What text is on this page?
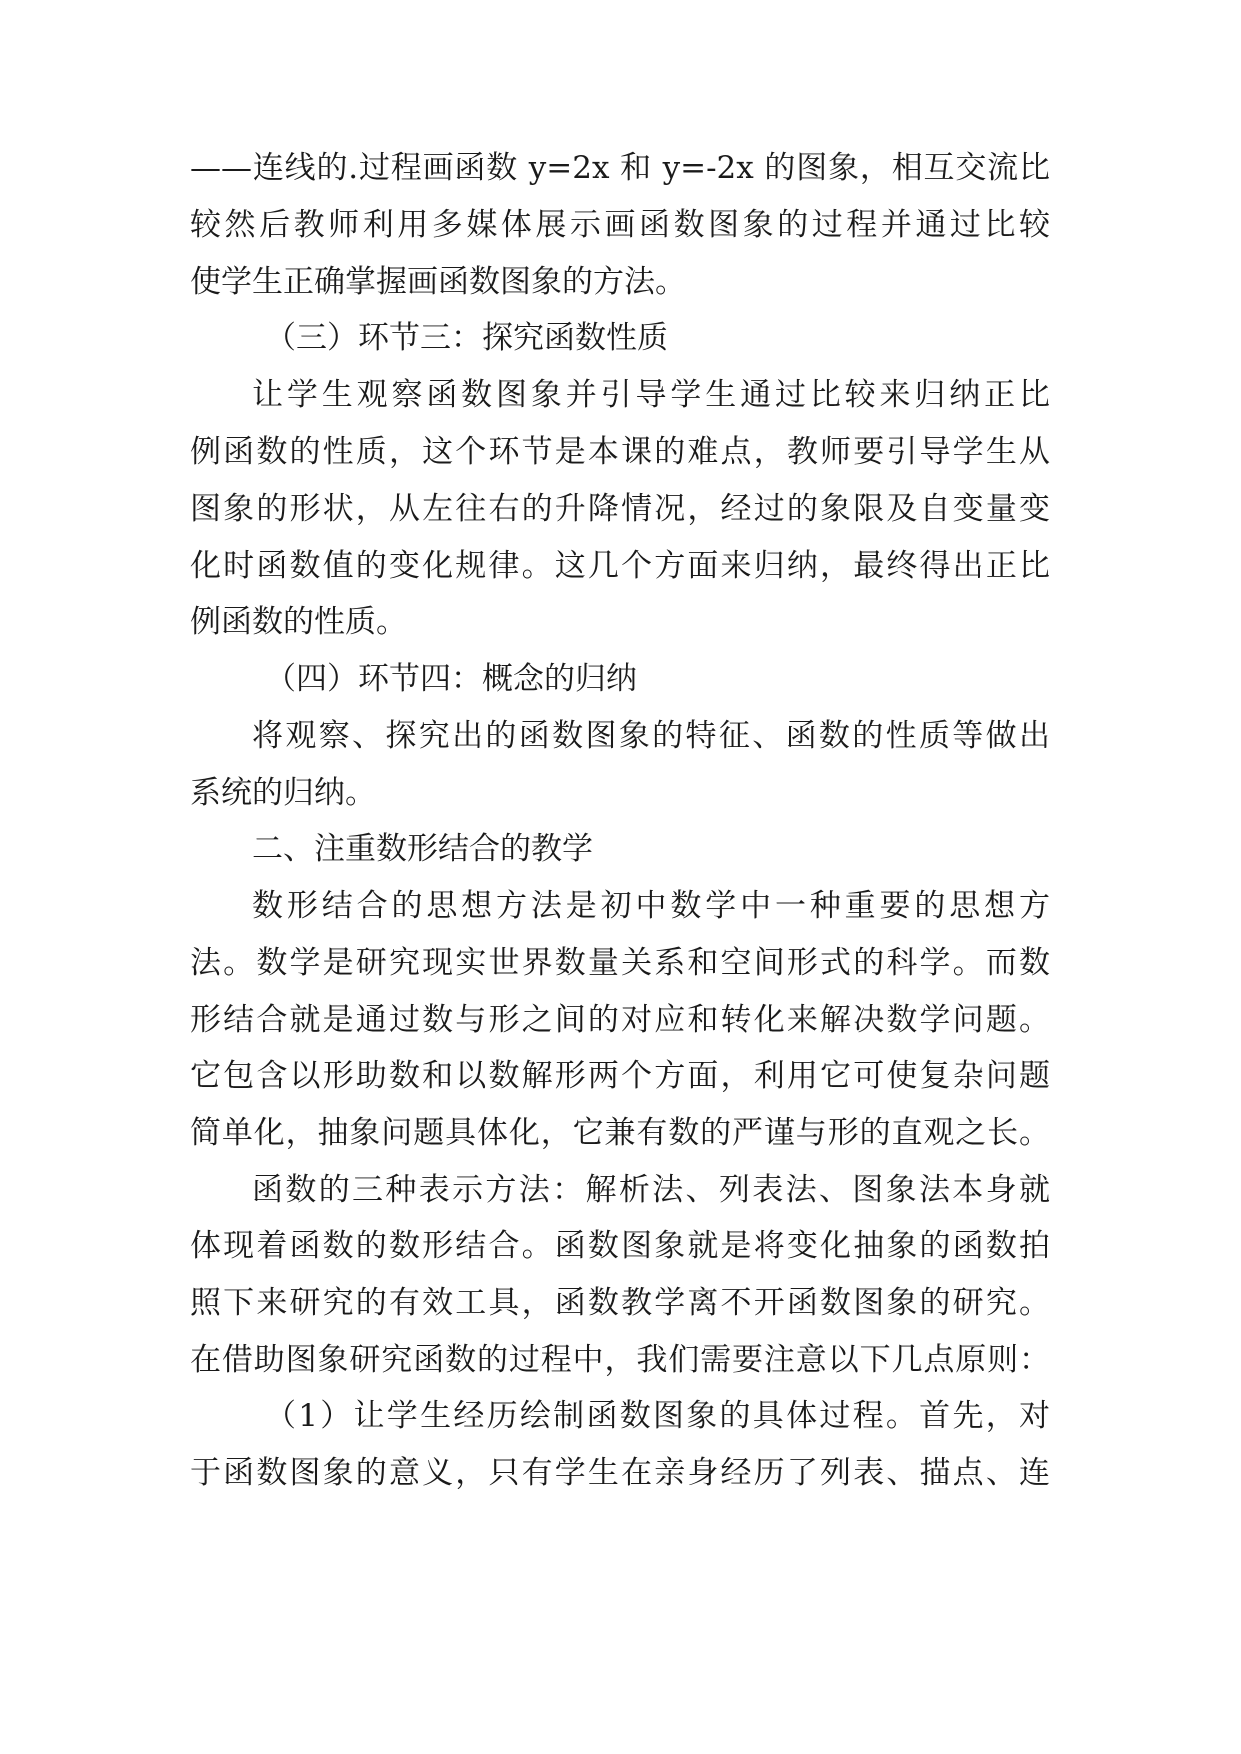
——连线的.过程画函数 y=2x 和 y=-2x 的图象，相互交流比
较然后教师利用多媒体展示画函数图象的过程并通过比较
使学生正确掌握画函数图象的方法。
（三）环节三：探究函数性质
让学生观察函数图象并引导学生通过比较来归纳正比
例函数的性质，这个环节是本课的难点，教师要引导学生从
图象的形状，从左往右的升降情况，经过的象限及自变量变
化时函数值的变化规律。这几个方面来归纳，最终得出正比
例函数的性质。
（四）环节四：概念的归纳
将观察、探究出的函数图象的特征、函数的性质等做出
系统的归纳。
二、注重数形结合的教学
数形结合的思想方法是初中数学中一种重要的思想方
法。数学是研究现实世界数量关系和空间形式的科学。而数
形结合就是通过数与形之间的对应和转化来解决数学问题。
它包含以形助数和以数解形两个方面，利用它可使复杂问题
简单化，抽象问题具体化，它兼有数的严谨与形的直观之长。
函数的三种表示方法：解析法、列表法、图象法本身就
体现着函数的数形结合。函数图象就是将变化抽象的函数拍
照下来研究的有效工具，函数教学离不开函数图象的研究。
在借助图象研究函数的过程中，我们需要注意以下几点原则：
（1）让学生经历绘制函数图象的具体过程。首先，对
于函数图象的意义，只有学生在亲身经历了列表、描点、连
